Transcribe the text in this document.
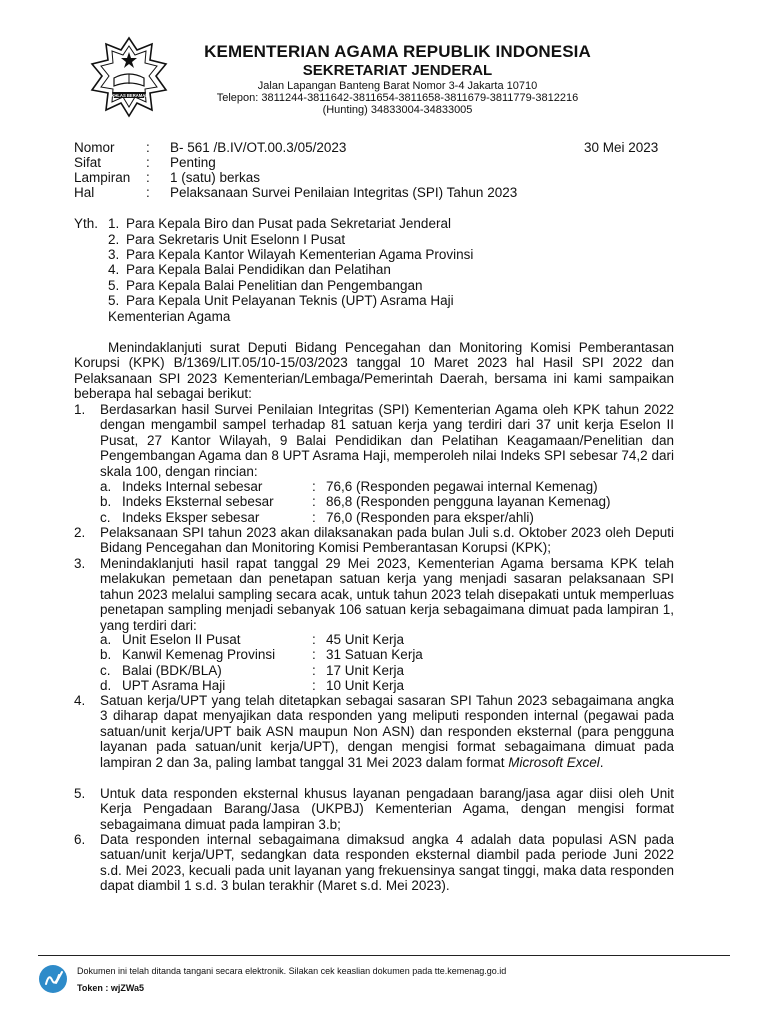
IKHLAS BERAMAL
KEMENTERIAN AGAMA REPUBLIK INDONESIA
SEKRETARIAT JENDERAL
Jalan Lapangan Banteng Barat Nomor 3-4 Jakarta 10710
Telepon: 3811244-3811642-3811654-3811658-3811679-3811779-3812216
(Hunting) 34833004-34833005
Nomor : B- 561 /B.IV/OT.00.3/05/2023
Sifat	: Penting
Lampiran : 1 (satu) berkas
Hal	: Pelaksanaan Survei Penilaian Integritas (SPI) Tahun 2023
30 Mei 2023
Yth. 1. Para Kepala Biro dan Pusat pada Sekretariat Jenderal
2. Para Sekretaris Unit Eselonn I Pusat
3. Para Kepala Kantor Wilayah Kementerian Agama Provinsi
4. Para Kepala Balai Pendidikan dan Pelatihan
5. Para Kepala Balai Penelitian dan Pengembangan
5. Para Kepala Unit Pelayanan Teknis (UPT) Asrama Haji
Kementerian Agama
Menindaklanjuti surat Deputi Bidang Pencegahan dan Monitoring Komisi Pemberantasan Korupsi (KPK) B/1369/LIT.05/10-15/03/2023 tanggal 10 Maret 2023 hal Hasil SPI 2022 dan Pelaksanaan SPI 2023 Kementerian/Lembaga/Pemerintah Daerah, bersama ini kami sampaikan beberapa hal sebagai berikut:
1.	Berdasarkan hasil Survei Penilaian Integritas (SPI) Kementerian Agama oleh KPK tahun 2022 dengan mengambil sampel terhadap 81 satuan kerja yang terdiri dari 37 unit kerja Eselon II Pusat, 27 Kantor Wilayah, 9 Balai Pendidikan dan Pelatihan Keagamaan/Penelitian dan Pengembangan Agama dan 8 UPT Asrama Haji, memperoleh nilai Indeks SPI sebesar 74,2 dari skala 100, dengan rincian:
a. Indeks Internal sebesar	: 76,6 (Responden pegawai internal Kemenag)
b. Indeks Eksternal sebesar	: 86,8 (Responden pengguna layanan Kemenag)
c. Indeks Eksper sebesar	: 76,0 (Responden para eksper/ahli)
2.	Pelaksanaan SPI tahun 2023 akan dilaksanakan pada bulan Juli s.d. Oktober 2023 oleh Deputi Bidang Pencegahan dan Monitoring Komisi Pemberantasan Korupsi (KPK);
3.	Menindaklanjuti hasil rapat tanggal 29 Mei 2023, Kementerian Agama bersama KPK telah melakukan pemetaan dan penetapan satuan kerja yang menjadi sasaran pelaksanaan SPI tahun 2023 melalui sampling secara acak, untuk tahun 2023 telah disepakati untuk memperluas penetapan sampling menjadi sebanyak 106 satuan kerja sebagaimana dimuat pada lampiran 1, yang terdiri dari:
a. Unit Eselon II Pusat	: 45 Unit Kerja
b. Kanwil Kemenag Provinsi	: 31 Satuan Kerja
c. Balai (BDK/BLA)	: 17 Unit Kerja
d. UPT Asrama Haji	: 10 Unit Kerja
4.	Satuan kerja/UPT yang telah ditetapkan sebagai sasaran SPI Tahun 2023 sebagaimana angka 3 diharap dapat menyajikan data responden yang meliputi responden internal (pegawai pada satuan/unit kerja/UPT baik ASN maupun Non ASN) dan responden eksternal (para pengguna layanan pada satuan/unit kerja/UPT), dengan mengisi format sebagaimana dimuat pada lampiran 2 dan 3a, paling lambat tanggal 31 Mei 2023 dalam format Microsoft Excel.
5.	Untuk data responden eksternal khusus layanan pengadaan barang/jasa agar diisi oleh Unit Kerja Pengadaan Barang/Jasa (UKPBJ) Kementerian Agama, dengan mengisi format sebagaimana dimuat pada lampiran 3.b;
6.	Data responden internal sebagaimana dimaksud angka 4 adalah data populasi ASN pada satuan/unit kerja/UPT, sedangkan data responden eksternal diambil pada periode Juni 2022 s.d. Mei 2023, kecuali pada unit layanan yang frekuensinya sangat tinggi, maka data responden dapat diambil 1 s.d. 3 bulan terakhir (Maret s.d. Mei 2023).
Dokumen ini telah ditanda tangani secara elektronik. Silakan cek keaslian dokumen pada tte.kemenag.go.id
Token : wjZWa5
